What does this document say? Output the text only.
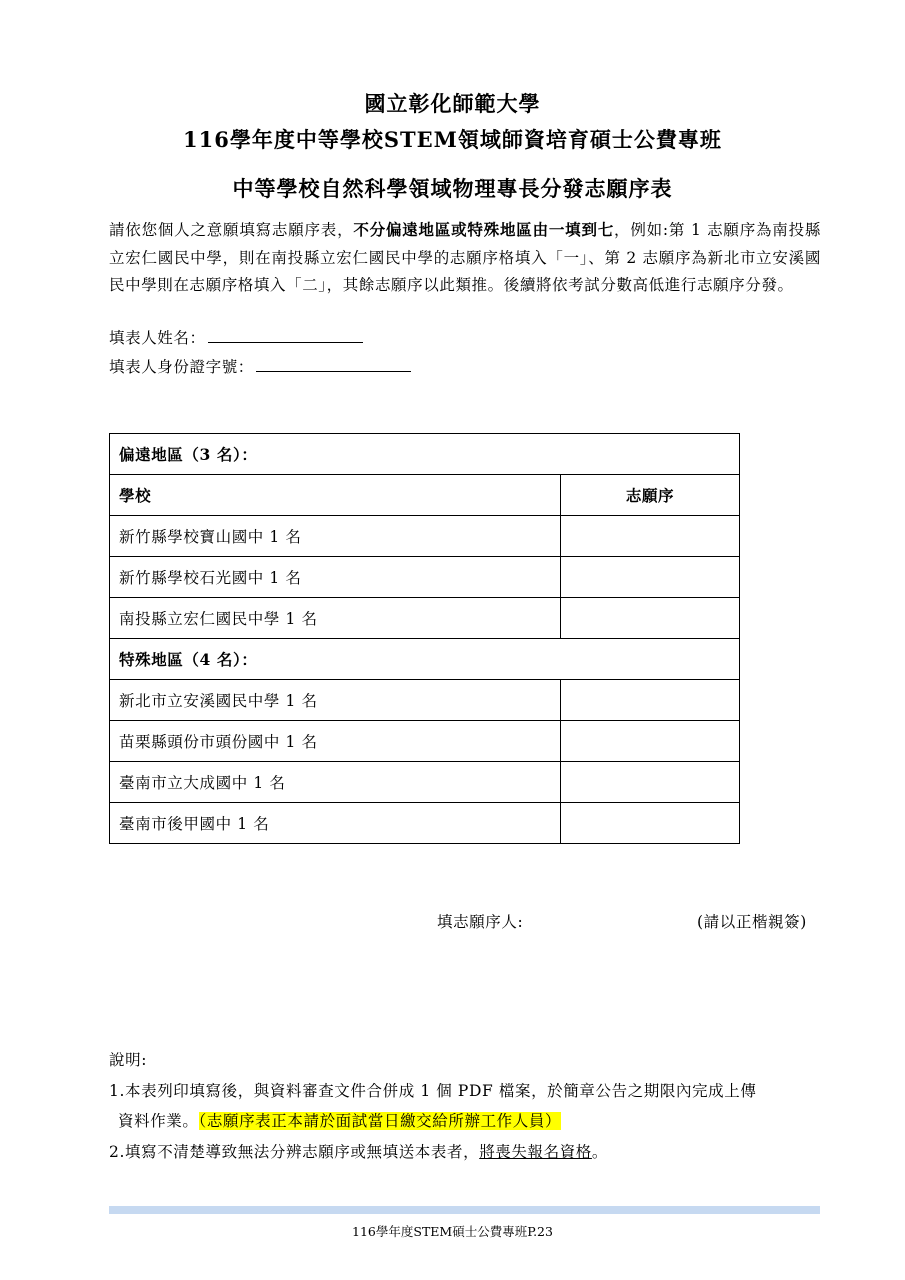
國立彰化師範大學
116學年度中等學校STEM領域師資培育碩士公費專班
中等學校自然科學領域物理專長分發志願序表
請依您個人之意願填寫志願序表，不分偏遠地區或特殊地區由一填到七，例如:第 1 志願序為南投縣立宏仁國民中學，則在南投縣立宏仁國民中學的志願序格填入「一」、第 2 志願序為新北市立安溪國民中學則在志願序格填入「二」，其餘志願序以此類推。後續將依考試分數高低進行志願序分發。
填表人姓名：
填表人身份證字號：
偏遠地區（3 名）：	
學校	志願序
新竹縣學校寶山國中 1 名	
新竹縣學校石光國中 1 名	
南投縣立宏仁國民中學 1 名	
特殊地區（4 名）：	
新北市立安溪國民中學 1 名	
苗栗縣頭份市頭份國中 1 名	
臺南市立大成國中 1 名	
臺南市後甲國中 1 名	
填志願序人:	(請以正楷親簽)
說明:
1.本表列印填寫後，與資料審查文件合併成 1 個 PDF 檔案，於簡章公告之期限內完成上傳
資料作業。（志願序表正本請於面試當日繳交給所辦工作人員）
2.填寫不清楚導致無法分辨志願序或無填送本表者，將喪失報名資格。
116學年度STEM碩士公費專班P.23
